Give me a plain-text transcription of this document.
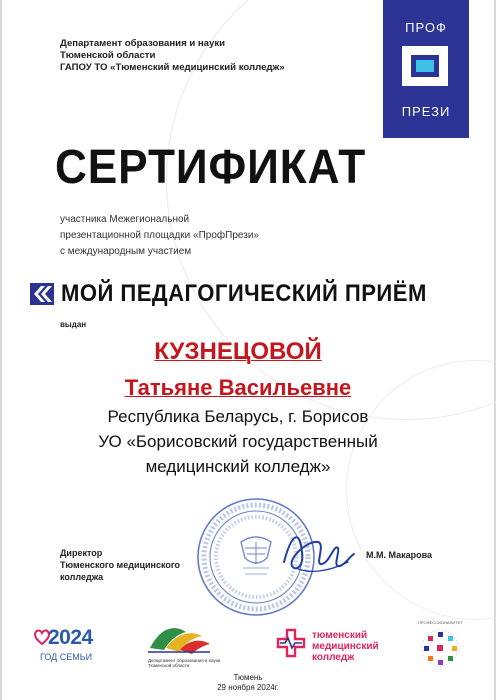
Департамент образования и науки
Тюменской области
ГАПОУ ТО «Тюменский медицинский колледж»
ПРОФ
ПРЕЗИ
СЕРТИФИКАТ
участника Межегиональной
презентационной площадки «ПрофПрези»
с международным участием
МОЙ ПЕДАГОГИЧЕСКИЙ ПРИЁМ
выдан
КУЗНЕЦОВОЙ
Татьяне Васильевне
Республика Беларусь, г. Борисов
УО «Борисовский государственный
медицинский колледж»
Директор
Тюменского медицинского
колледжа
М.М. Макарова
2024
ГОД СЕМЬИ	Департамент образования и науки
Тюменской области
тюменский
медицинский
колледж
ПРОФЕССИОНАЛИТЕТ
Тюмень
29 ноября 2024г.
